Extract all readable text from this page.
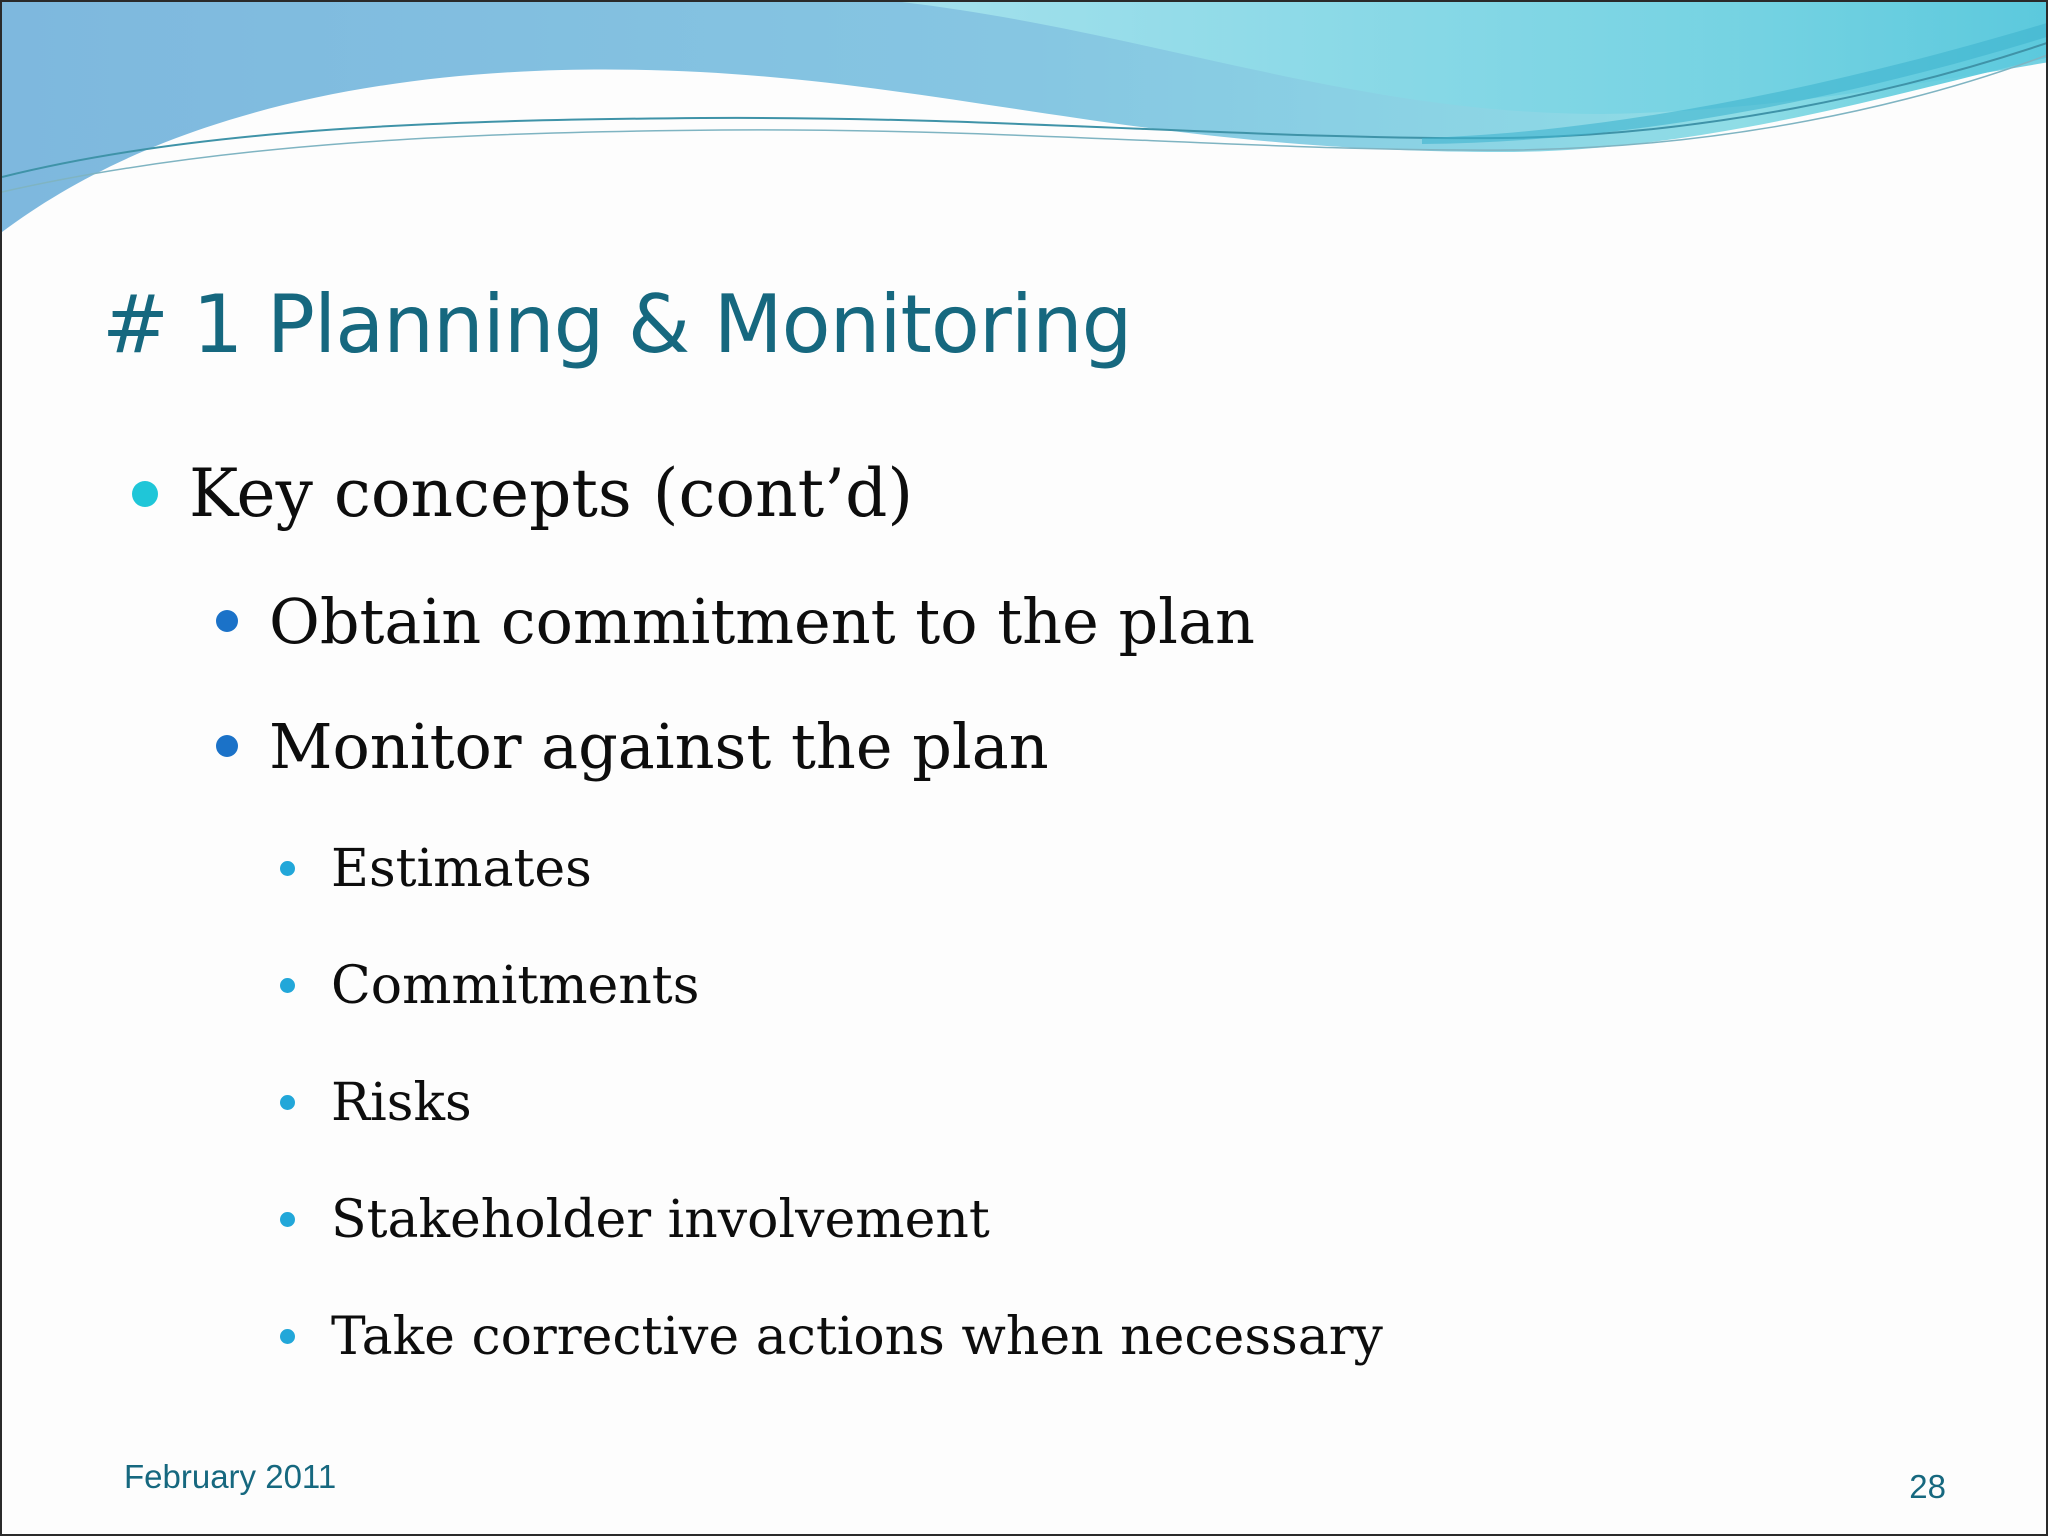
# 1 Planning & Monitoring
Key concepts (cont’d)
Obtain commitment to the plan
Monitor against the plan
Estimates
Commitments
Risks
Stakeholder involvement
Take corrective actions when necessary
February 2011	28
